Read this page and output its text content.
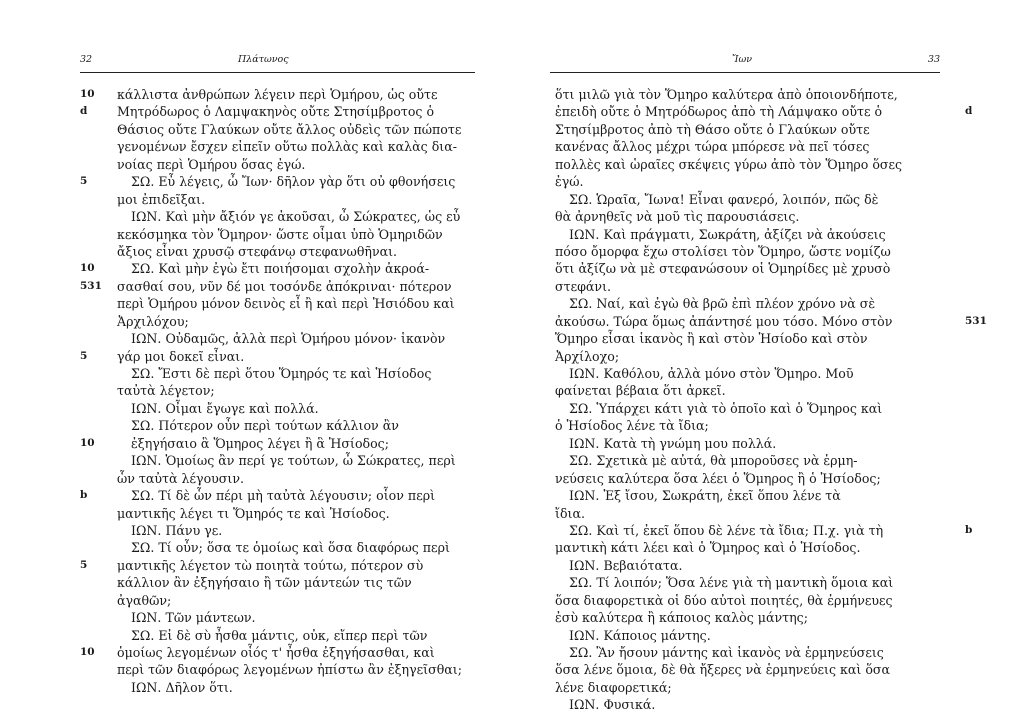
32	Πλάτωνος
10
d
5
10
531
5
10
b
5
10
κάλλιστα ἀνθρώπων λέγειν περὶ Ὁμήρου, ὡς οὔτε
Μητρόδωρος ὁ Λαμψακηνὸς οὔτε Στησίμβροτος ὁ
Θάσιος οὔτε Γλαύκων οὔτε ἄλλος οὐδεὶς τῶν πώποτε
γενομένων ἔσχεν εἰπεῖν οὕτω πολλὰς καὶ καλὰς δια-
νοίας περὶ Ὁμήρου ὅσας ἐγώ.
ΣΩ. Εὖ λέγεις, ὦ Ἴων· δῆλον γὰρ ὅτι οὐ φθονήσεις
μοι ἐπιδεῖξαι.
ΙΩΝ. Καὶ μὴν ἄξιόν γε ἀκοῦσαι, ὦ Σώκρατες, ὡς εὖ
κεκόσμηκα τὸν Ὅμηρον· ὥστε οἶμαι ὑπὸ Ὁμηριδῶν
ἄξιος εἶναι χρυσῷ στεφάνῳ στεφανωθῆναι.
ΣΩ. Καὶ μὴν ἐγὼ ἔτι ποιήσομαι σχολὴν ἀκροά-
σασθαί σου, νῦν δέ μοι τοσόνδε ἀπόκριναι· πότερον
περὶ Ὁμήρου μόνον δεινὸς εἶ ἢ καὶ περὶ Ἡσιόδου καὶ
Ἀρχιλόχου;
ΙΩΝ. Οὐδαμῶς, ἀλλὰ περὶ Ὁμήρου μόνον· ἱκανὸν
γάρ μοι δοκεῖ εἶναι.
ΣΩ. Ἔστι δὲ περὶ ὅτου Ὅμηρός τε καὶ Ἡσίοδος
ταὐτὰ λέγετον;
ΙΩΝ. Οἶμαι ἔγωγε καὶ πολλά.
ΣΩ. Πότερον οὖν περὶ τούτων κάλλιον ἂν
ἐξηγήσαιο ἃ Ὅμηρος λέγει ἢ ἃ Ἡσίοδος;
ΙΩΝ. Ὁμοίως ἂν περί γε τούτων, ὦ Σώκρατες, περὶ
ὧν ταὐτὰ λέγουσιν.
ΣΩ. Τί δὲ ὧν πέρι μὴ ταὐτὰ λέγουσιν; οἷον περὶ
μαντικῆς λέγει τι Ὅμηρός τε καὶ Ἡσίοδος.
ΙΩΝ. Πάνυ γε.
ΣΩ. Τί οὖν; ὅσα τε ὁμοίως καὶ ὅσα διαφόρως περὶ
μαντικῆς λέγετον τὼ ποιητὰ τούτω, πότερον σὺ
κάλλιον ἂν ἐξηγήσαιο ἢ τῶν μάντεών τις τῶν
ἀγαθῶν;
ΙΩΝ. Τῶν μάντεων.
ΣΩ. Εἰ δὲ σὺ ἦσθα μάντις, οὐκ, εἴπερ περὶ τῶν
ὁμοίως λεγομένων οἷός τ' ἦσθα ἐξηγήσασθαι, καὶ
περὶ τῶν διαφόρως λεγομένων ἠπίστω ἂν ἐξηγεῖσθαι;
ΙΩΝ. Δῆλον ὅτι.
Ἴων	33
ὅτι μιλῶ γιὰ τὸν Ὅμηρο καλύτερα ἀπὸ ὁποιονδήποτε,
ἐπειδὴ οὔτε ὁ Μητρόδωρος ἀπὸ τὴ Λάμψακο οὔτε ὁ
Στησίμβροτος ἀπὸ τὴ Θάσο οὔτε ὁ Γλαύκων οὔτε
κανένας ἄλλος μέχρι τώρα μπόρεσε νὰ πεῖ τόσες
πολλὲς καὶ ὡραῖες σκέψεις γύρω ἀπὸ τὸν Ὅμηρο ὅσες
ἐγώ.
ΣΩ. Ὡραῖα, Ἴωνα! Εἶναι φανερό, λοιπόν, πῶς δὲ
θὰ ἀρνηθεῖς νὰ μοῦ τὶς παρουσιάσεις.
ΙΩΝ. Καὶ πράγματι, Σωκράτη, ἀξίζει νὰ ἀκούσεις
πόσο ὄμορφα ἔχω στολίσει τὸν Ὅμηρο, ὥστε νομίζω
ὅτι ἀξίζω νὰ μὲ στεφανώσουν οἱ Ὁμηρίδες μὲ χρυσὸ
στεφάνι.
ΣΩ. Ναί, καὶ ἐγὼ θὰ βρῶ ἐπὶ πλέον χρόνο νὰ σὲ
ἀκούσω. Τώρα ὅμως ἀπάντησέ μου τόσο. Μόνο στὸν
Ὅμηρο εἶσαι ἱκανὸς ἢ καὶ στὸν Ἡσίοδο καὶ στὸν
Ἀρχίλοχο;
ΙΩΝ. Καθόλου, ἀλλὰ μόνο στὸν Ὅμηρο. Μοῦ
φαίνεται βέβαια ὅτι ἀρκεῖ.
ΣΩ. Ὑπάρχει κάτι γιὰ τὸ ὁποῖο καὶ ὁ Ὅμηρος καὶ
ὁ Ἡσίοδος λένε τὰ ἴδια;
ΙΩΝ. Κατὰ τὴ γνώμη μου πολλά.
ΣΩ. Σχετικὰ μὲ αὐτά, θὰ μποροῦσες νὰ ἑρμη-
νεύσεις καλύτερα ὅσα λέει ὁ Ὅμηρος ἢ ὁ Ἡσίοδος;
ΙΩΝ. Ἐξ ἴσου, Σωκράτη, ἐκεῖ ὅπου λένε τὰ
ἴδια.
ΣΩ. Καὶ τί, ἐκεῖ ὅπου δὲ λένε τὰ ἴδια; Π.χ. γιὰ τὴ
μαντικὴ κάτι λέει καὶ ὁ Ὅμηρος καὶ ὁ Ἡσίοδος.
ΙΩΝ. Βεβαιότατα.
ΣΩ. Τί λοιπόν; Ὅσα λένε γιὰ τὴ μαντικὴ ὅμοια καὶ
ὅσα διαφορετικὰ οἱ δύο αὐτοὶ ποιητές, θὰ ἑρμήνευες
ἐσὺ καλύτερα ἢ κάποιος καλὸς μάντης;
ΙΩΝ. Κάποιος μάντης.
ΣΩ. Ἂν ἤσουν μάντης καὶ ἱκανὸς νὰ ἑρμηνεύσεις
ὅσα λένε ὅμοια, δὲ θὰ ἤξερες νὰ ἑρμηνεύεις καὶ ὅσα
λένε διαφορετικά;
ΙΩΝ. Φυσικά.
d
531
b
